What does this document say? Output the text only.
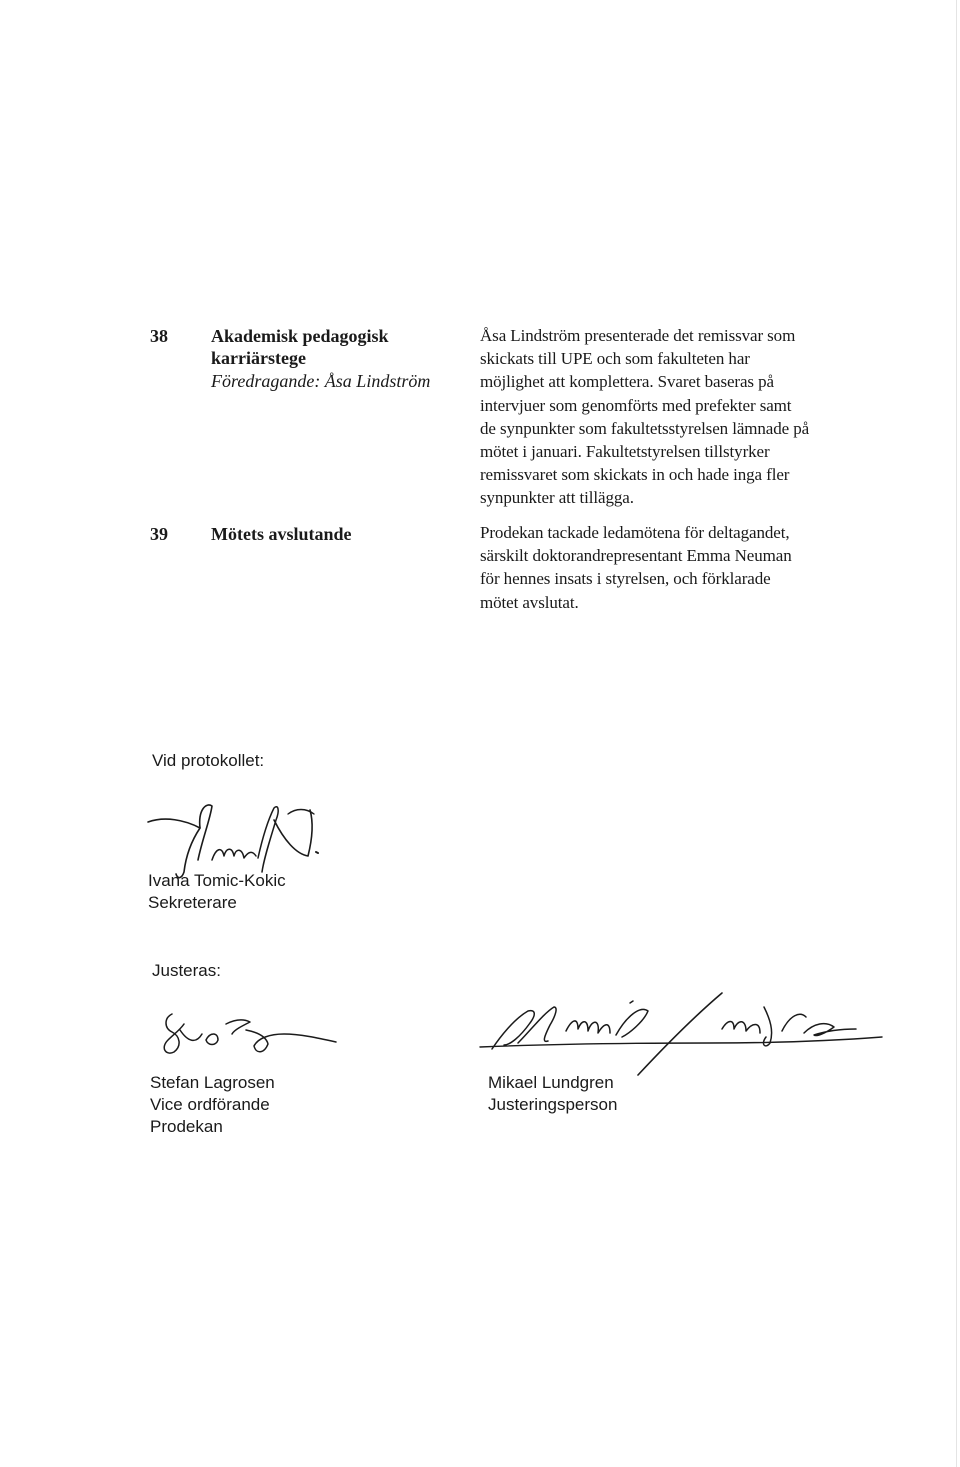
38 Akademisk pedagogisk
karriärstege
Föredragande: Åsa Lindström
Åsa Lindström presenterade det remissvar som
skickats till UPE och som fakulteten har
möjlighet att komplettera. Svaret baseras på
intervjuer som genomförts med prefekter samt
de synpunkter som fakultetsstyrelsen lämnade på
mötet i januari. Fakultetstyrelsen tillstyrker
remissvaret som skickats in och hade inga fler
synpunkter att tillägga.
39 Mötets avslutande	Prodekan tackade ledamötena för deltagandet,
särskilt doktorandrepresentant Emma Neuman
för hennes insats i styrelsen, och förklarade
mötet avslutat.
Vid protokollet:
Ivana Tomic-Kokic
Sekreterare
Justeras:
Stefan Lagrosen
Vice ordförande
Prodekan
Mikael Lundgren
Justeringsperson
